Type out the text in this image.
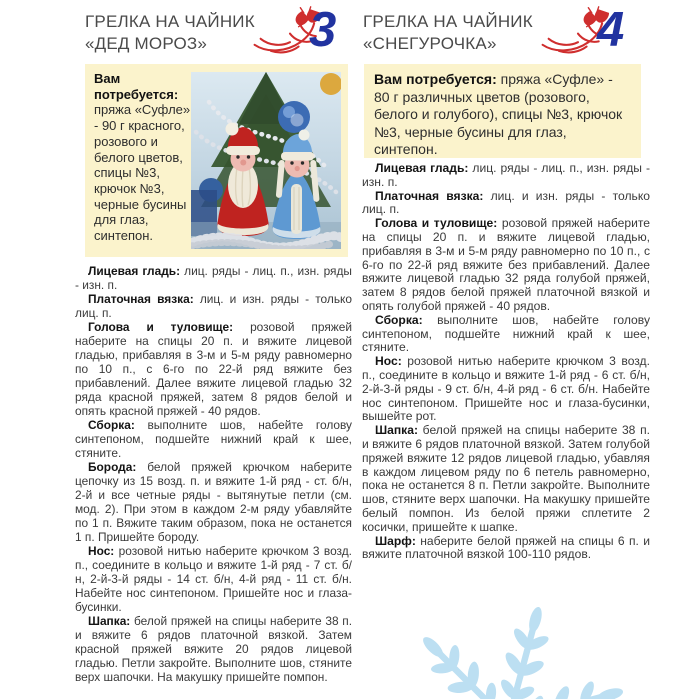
ГРЕЛКА НА ЧАЙНИК
«ДЕД МОРОЗ»	3 ГРЕЛКА НА ЧАЙНИК
«СНЕГУРОЧКА»	4
Вам потребуется: пряжа «Суфле» - 90 г красного, розового и белого цветов, спицы №3, крючок №3, черные бусины для глаз, синтепон.
Вам потребуется: пряжа «Суфле» - 80 г различных цветов (розового, белого и голубого), спицы №3, крючок №3, черные бусины для глаз, синтепон.

Лицевая гладь: лиц. ряды - лиц. п., изн. ряды - изн. п.

Платочная вязка: лиц. и изн. ряды - только лиц. п.

Голова и туловище: розовой пряжей наберите на спицы 20 п. и вяжите лицевой гладью, прибавляя в 3-м и 5-м ряду равномерно по 10 п., с 6-го по 22-й ряд вяжите без прибавлений. Далее вяжите лицевой гладью 32 ряда красной пряжей, затем 8 рядов белой и опять красной пряжей - 40 рядов.

Сборка: выполните шов, набейте голову синтепоном, подшейте нижний край к шее, стяните.

Борода: белой пряжей крючком наберите цепочку из 15 возд. п. и вяжите 1-й ряд - ст. б/н, 2-й и все четные ряды - вытянутые петли (см. мод. 2). При этом в каждом 2-м ряду убавляйте по 1 п. Вяжите таким образом, пока не останется 1 п. Пришейте бороду.

Нос: розовой нитью наберите крючком 3 возд. п., соедините в кольцо и вяжите 1-й ряд - 7 ст. б/н, 2-й-3-й ряды - 14 ст. б/н, 4-й ряд - 11 ст. б/н. Набейте нос синтепоном. Пришейте нос и глаза-бусинки.

Шапка: белой пряжей на спицы наберите 38 п. и вяжите 6 рядов платочной вязкой. Затем красной пряжей вяжите 20 рядов лицевой гладью. Петли закройте. Выполните шов, стяните верх шапочки. На макушку пришейте помпон.

Лицевая гладь: лиц. ряды - лиц. п., изн. ряды - изн. п.

Платочная вязка: лиц. и изн. ряды - только лиц. п.

Голова и туловище: розовой пряжей наберите на спицы 20 п. и вяжите лицевой гладью, прибавляя в 3-м и 5-м ряду равномерно по 10 п., с 6-го по 22-й ряд вяжите без прибавлений. Далее вяжите лицевой гладью 32 ряда голубой пряжей, затем 8 рядов белой пряжей платочной вязкой и опять голубой пряжей - 40 рядов.

Сборка: выполните шов, набейте голову синтепоном, подшейте нижний край к шее, стяните.

Нос: розовой нитью наберите крючком 3 возд. п., соедините в кольцо и вяжите 1-й ряд - 6 ст. б/н, 2-й-3-й ряды - 9 ст. б/н, 4-й ряд - 6 ст. б/н. Набейте нос синтепоном. Пришейте нос и глаза-бусинки, вышейте рот.

Шапка: белой пряжей на спицы наберите 38 п. и вяжите 6 рядов платочной вязкой. Затем голубой пряжей вяжите 12 рядов лицевой гладью, убавляя в каждом лицевом ряду по 6 петель равномерно, пока не останется 8 п. Петли закройте. Выполните шов, стяните верх шапочки. На макушку пришейте белый помпон. Из белой пряжи сплетите 2 косички, пришейте к шапке.

Шарф: наберите белой пряжей на спицы 6 п. и вяжите платочной вязкой 100-110 рядов.
